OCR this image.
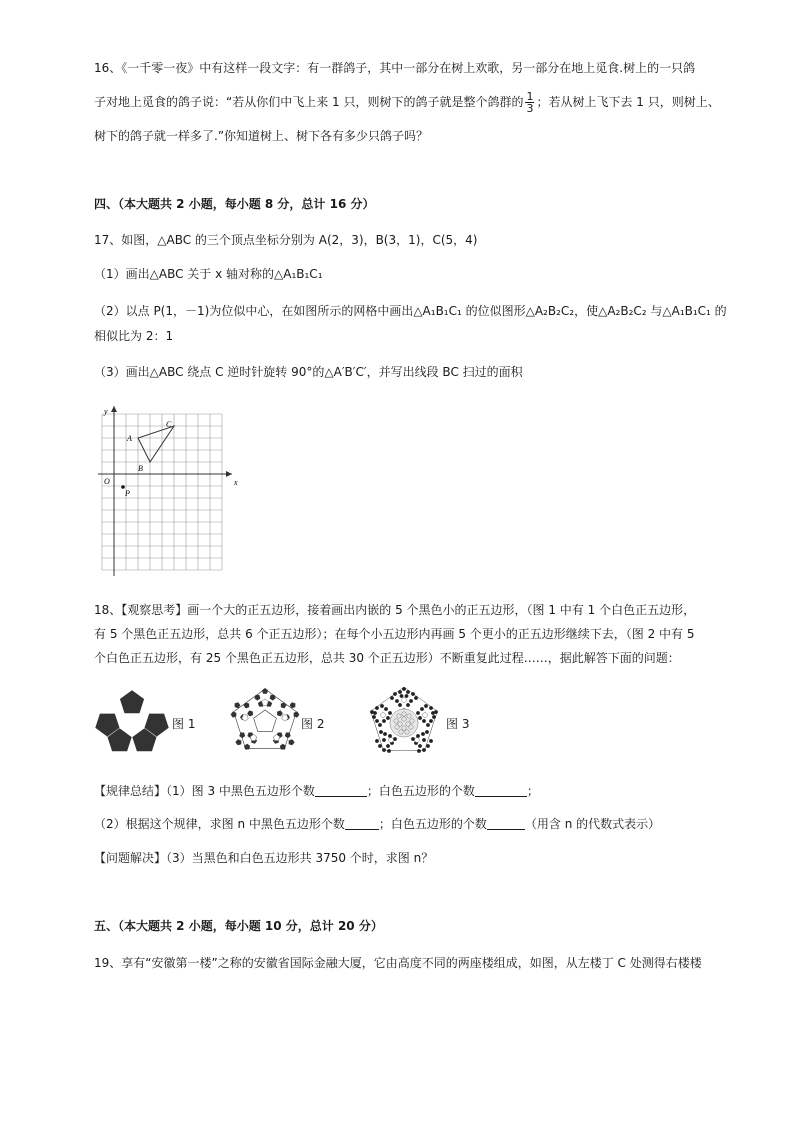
16、《一千零一夜》中有这样一段文字：有一群鸽子，其中一部分在树上欢歌，另一部分在地上觅食.树上的一只鸽
子对地上觅食的鸽子说：“若从你们中飞上来 1 只，则树下的鸽子就是整个鸽群的 $\frac{1}{3}$ ；若从树上飞下去 1 只，则树上、
树下的鸽子就一样多了.”你知道树上、树下各有多少只鸽子吗？
四、（本大题共 2 小题，每小题 8 分，总计 16 分）
17、如图，△ABC 的三个顶点坐标分别为 A(2，3)，B(3，1)，C(5，4)
（1）画出△ABC 关于 x 轴对称的△A₁B₁C₁
（2）以点 P(1，－1)为位似中心，在如图所示的网格中画出△A₁B₁C₁ 的位似图形△A₂B₂C₂，使△A₂B₂C₂ 与△A₁B₁C₁ 的
相似比为 2：1
（3）画出△ABC 绕点 C 逆时针旋转 90°的△A′B′C′，并写出线段 BC 扫过的面积
x
y
O
A
B
C
P
18、【观察思考】画一个大的正五边形，接着画出内嵌的 5 个黑色小的正五边形，（图 1 中有 1 个白色正五边形，
有 5 个黑色正五边形，总共 6 个正五边形）；在每个小五边形内再画 5 个更小的正五边形继续下去，（图 2 中有 5
个白色正五边形，有 25 个黑色正五边形，总共 30 个正五边形）不断重复此过程……，据此解答下面的问题：
图 1	图 2	图 3
【规律总结】（1）图 3 中黑色五边形个数	；白色五边形的个数	；
（2）根据这个规律，求图 n 中黑色五边形个数	；白色五边形的个数	（用含 n 的代数式表示）
【问题解决】（3）当黑色和白色五边形共 3750 个时，求图 n？
五、（本大题共 2 小题，每小题 10 分，总计 20 分）
19、享有“安徽第一楼”之称的安徽省国际金融大厦，它由高度不同的两座楼组成，如图，从左楼丁 C 处测得右楼楼
